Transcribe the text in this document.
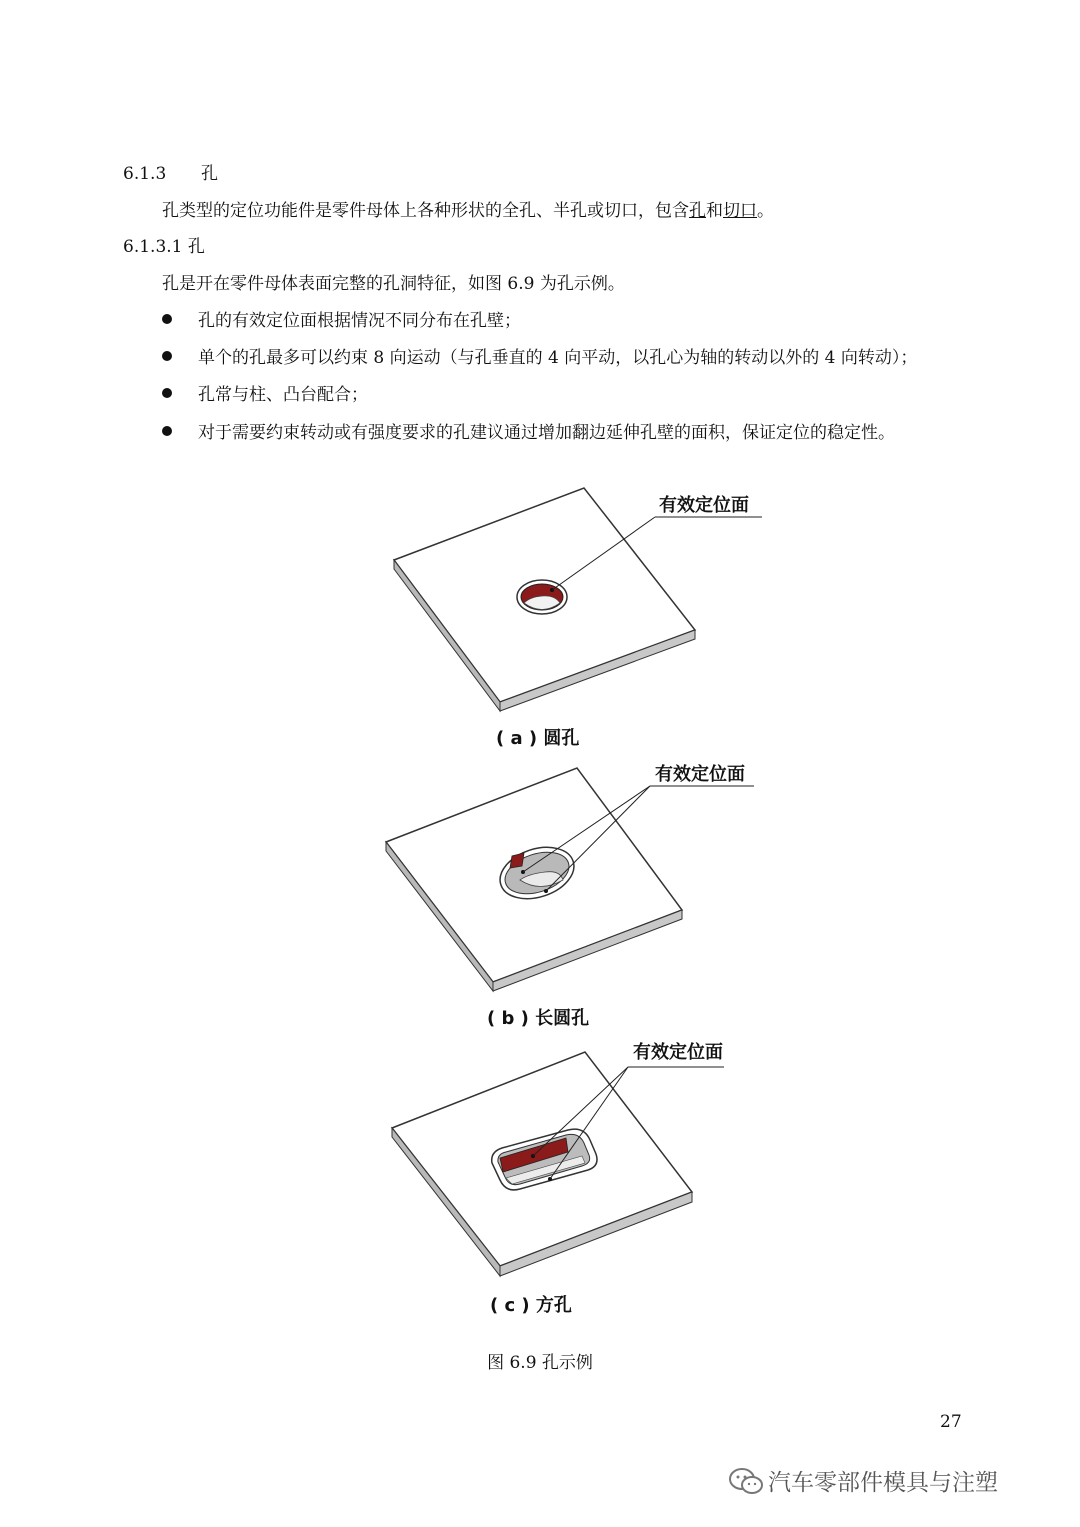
6.1.3 孔
孔类型的定位功能件是零件母体上各种形状的全孔、半孔或切口，包含孔和切口。
6.1.3.1 孔
孔是开在零件母体表面完整的孔洞特征，如图 6.9 为孔示例。
孔的有效定位面根据情况不同分布在孔壁；
单个的孔最多可以约束 8 向运动（与孔垂直的 4 向平动，以孔心为轴的转动以外的 4 向转动）；
孔常与柱、凸台配合；
对于需要约束转动或有强度要求的孔建议通过增加翻边延伸孔壁的面积，保证定位的稳定性。
有效定位面
( a ) 圆孔
有效定位面
( b ) 长圆孔
有效定位面
( c ) 方孔
图 6.9 孔示例
27
汽车零部件模具与注塑
